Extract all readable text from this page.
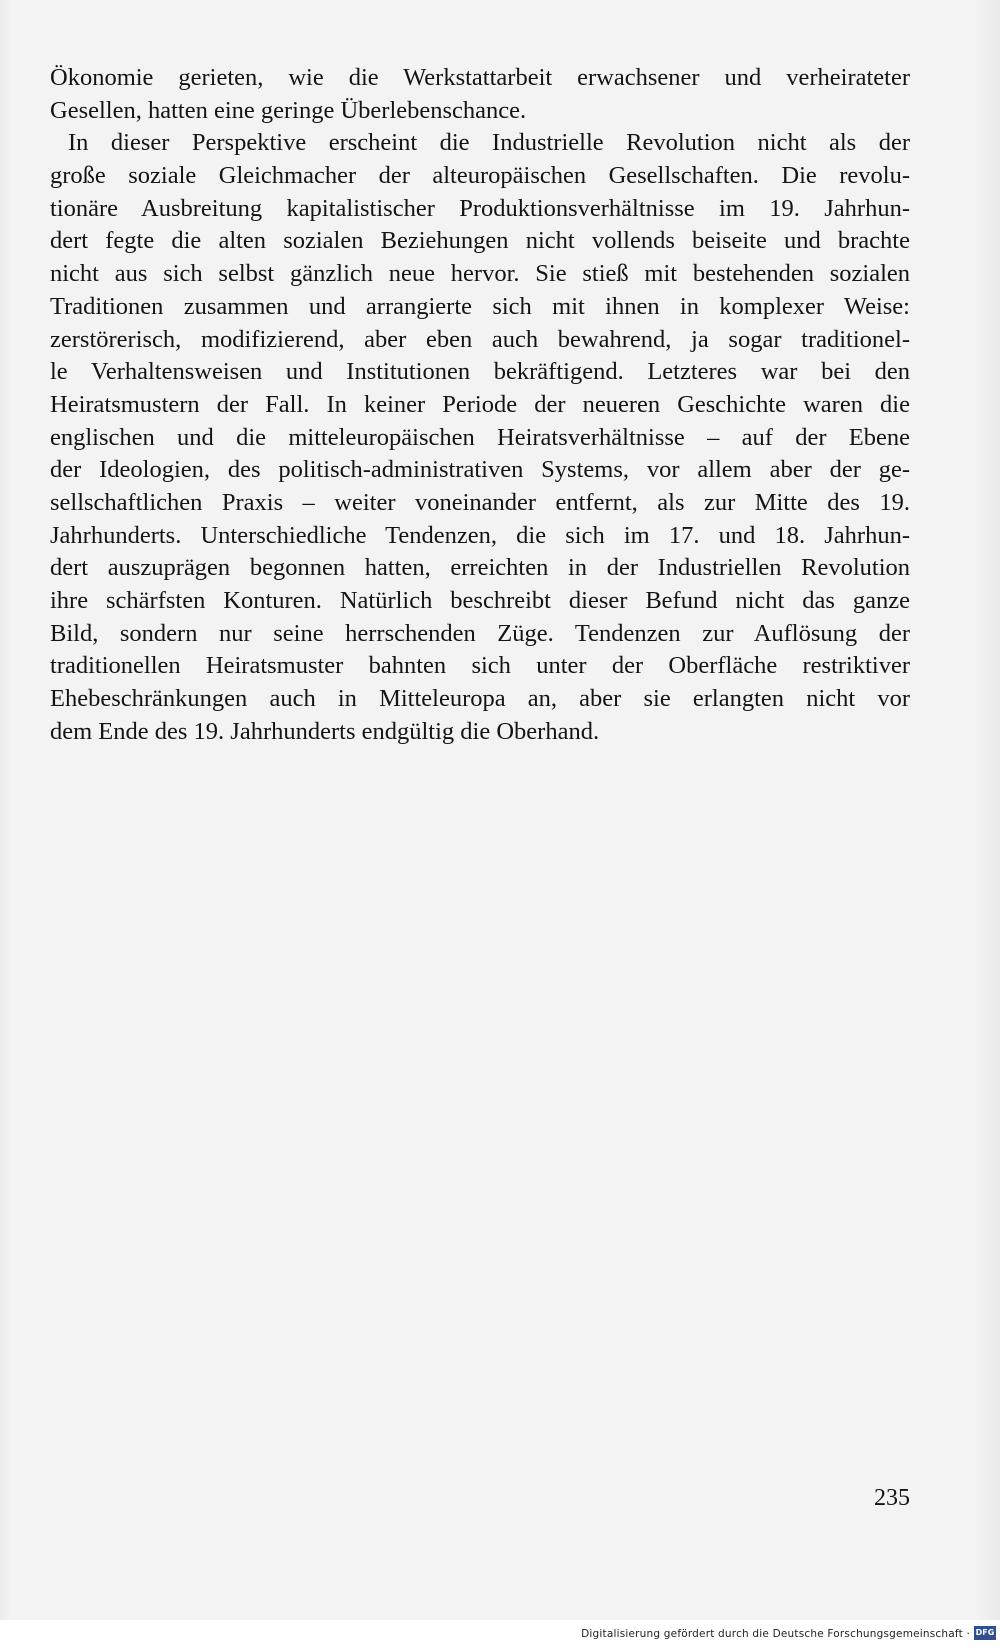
Ökonomie gerieten, wie die Werkstattarbeit erwachsener und verheirateter
Gesellen, hatten eine geringe Überlebenschance.
In dieser Perspektive erscheint die Industrielle Revolution nicht als der
große soziale Gleichmacher der alteuropäischen Gesellschaften. Die revolu-
tionäre Ausbreitung kapitalistischer Produktionsverhältnisse im 19. Jahrhun-
dert fegte die alten sozialen Beziehungen nicht vollends beiseite und brachte
nicht aus sich selbst gänzlich neue hervor. Sie stieß mit bestehenden sozialen
Traditionen zusammen und arrangierte sich mit ihnen in komplexer Weise:
zerstörerisch, modifizierend, aber eben auch bewahrend, ja sogar traditionel-
le Verhaltensweisen und Institutionen bekräftigend. Letzteres war bei den
Heiratsmustern der Fall. In keiner Periode der neueren Geschichte waren die
englischen und die mitteleuropäischen Heiratsverhältnisse – auf der Ebene
der Ideologien, des politisch-administrativen Systems, vor allem aber der ge-
sellschaftlichen Praxis – weiter voneinander entfernt, als zur Mitte des 19.
Jahrhunderts. Unterschiedliche Tendenzen, die sich im 17. und 18. Jahrhun-
dert auszuprägen begonnen hatten, erreichten in der Industriellen Revolution
ihre schärfsten Konturen. Natürlich beschreibt dieser Befund nicht das ganze
Bild, sondern nur seine herrschenden Züge. Tendenzen zur Auflösung der
traditionellen Heiratsmuster bahnten sich unter der Oberfläche restriktiver
Ehebeschränkungen auch in Mitteleuropa an, aber sie erlangten nicht vor
dem Ende des 19. Jahrhunderts endgültig die Oberhand.
235
Digitalisierung gefördert durch die Deutsche Forschungsgemeinschaft · DFG
